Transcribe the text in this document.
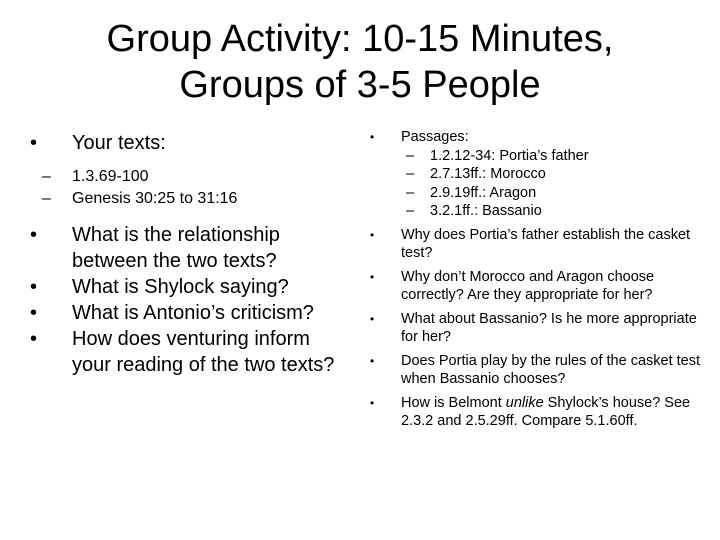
Group Activity: 10-15 Minutes,
Groups of 3-5 People
• Your texts:
– 1.3.69-100
– Genesis 30:25 to 31:16
• What is the relationship between the two texts?
• What is Shylock saying?
• What is Antonio’s criticism?
• How does venturing inform your reading of the two texts?
• Passages:
– 1.2.12-34: Portia’s father
– 2.7.13ff.: Morocco
– 2.9.19ff.: Aragon
– 3.2.1ff.: Bassanio
• Why does Portia’s father establish the casket test?
• Why don’t Morocco and Aragon choose correctly? Are they appropriate for her?
• What about Bassanio? Is he more appropriate for her?
• Does Portia play by the rules of the casket test when Bassanio chooses?
• How is Belmont unlike Shylock’s house? See 2.3.2 and 2.5.29ff. Compare 5.1.60ff.
